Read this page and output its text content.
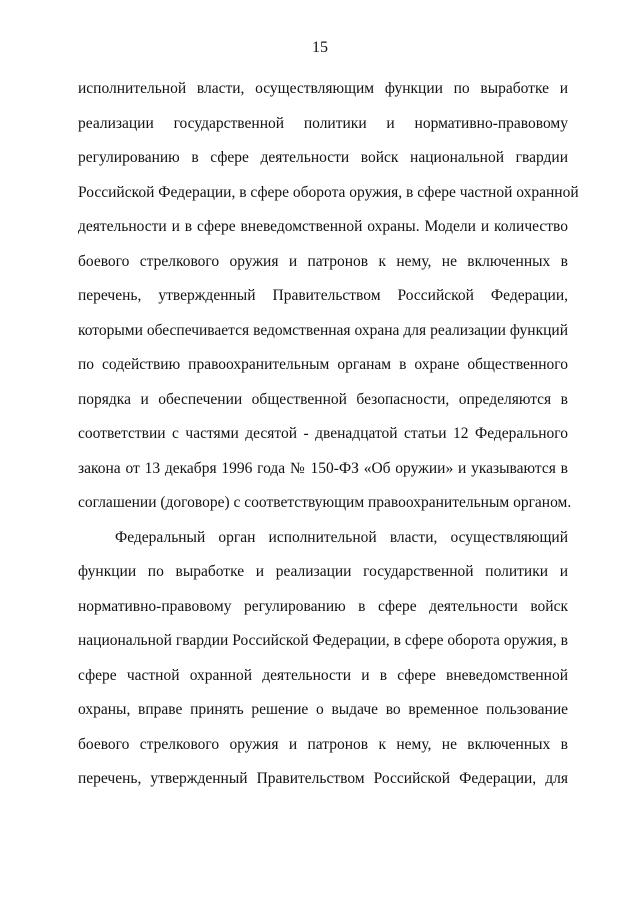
15
исполнительной власти, осуществляющим функции по выработке и
реализации государственной политики и нормативно-правовому
регулированию в сфере деятельности войск национальной гвардии
Российской Федерации, в сфере оборота оружия, в сфере частной охранной
деятельности и в сфере вневедомственной охраны. Модели и количество
боевого стрелкового оружия и патронов к нему, не включенных в
перечень, утвержденный Правительством Российской Федерации,
которыми обеспечивается ведомственная охрана для реализации функций
по содействию правоохранительным органам в охране общественного
порядка и обеспечении общественной безопасности, определяются в
соответствии с частями десятой - двенадцатой статьи 12 Федерального
закона от 13 декабря 1996 года № 150-ФЗ «Об оружии» и указываются в
соглашении (договоре) с соответствующим правоохранительным органом.
Федеральный орган исполнительной власти, осуществляющий
функции по выработке и реализации государственной политики и
нормативно-правовому регулированию в сфере деятельности войск
национальной гвардии Российской Федерации, в сфере оборота оружия, в
сфере частной охранной деятельности и в сфере вневедомственной
охраны, вправе принять решение о выдаче во временное пользование
боевого стрелкового оружия и патронов к нему, не включенных в
перечень, утвержденный Правительством Российской Федерации, для
